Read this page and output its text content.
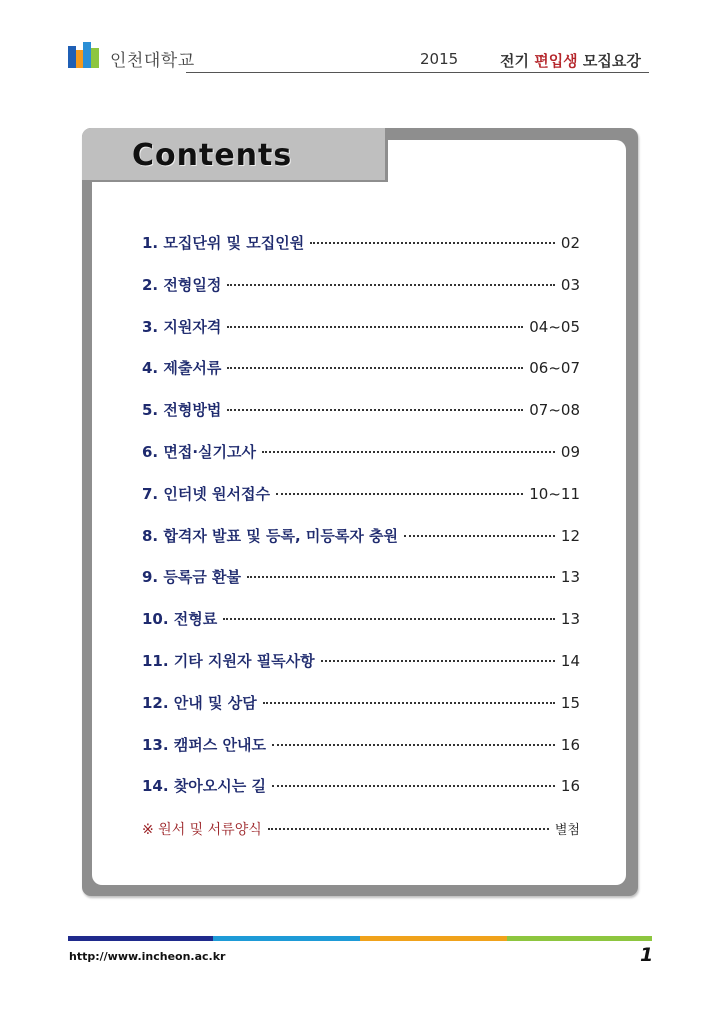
인천대학교	2015	전기 편입생 모집요강
Contents
1. 모집단위 및 모집인원	02
2. 전형일정	03
3. 지원자격	04~05
4. 제출서류	06~07
5. 전형방법	07~08
6. 면접·실기고사	09
7. 인터넷 원서접수	10~11
8. 합격자 발표 및 등록, 미등록자 충원	12
9. 등록금 환불	13
10. 전형료	13
11. 기타 지원자 필독사항	14
12. 안내 및 상담	15
13. 캠퍼스 안내도	16
14. 찾아오시는 길	16
※ 원서 및 서류양식	별첨
http://www.incheon.ac.kr	1
